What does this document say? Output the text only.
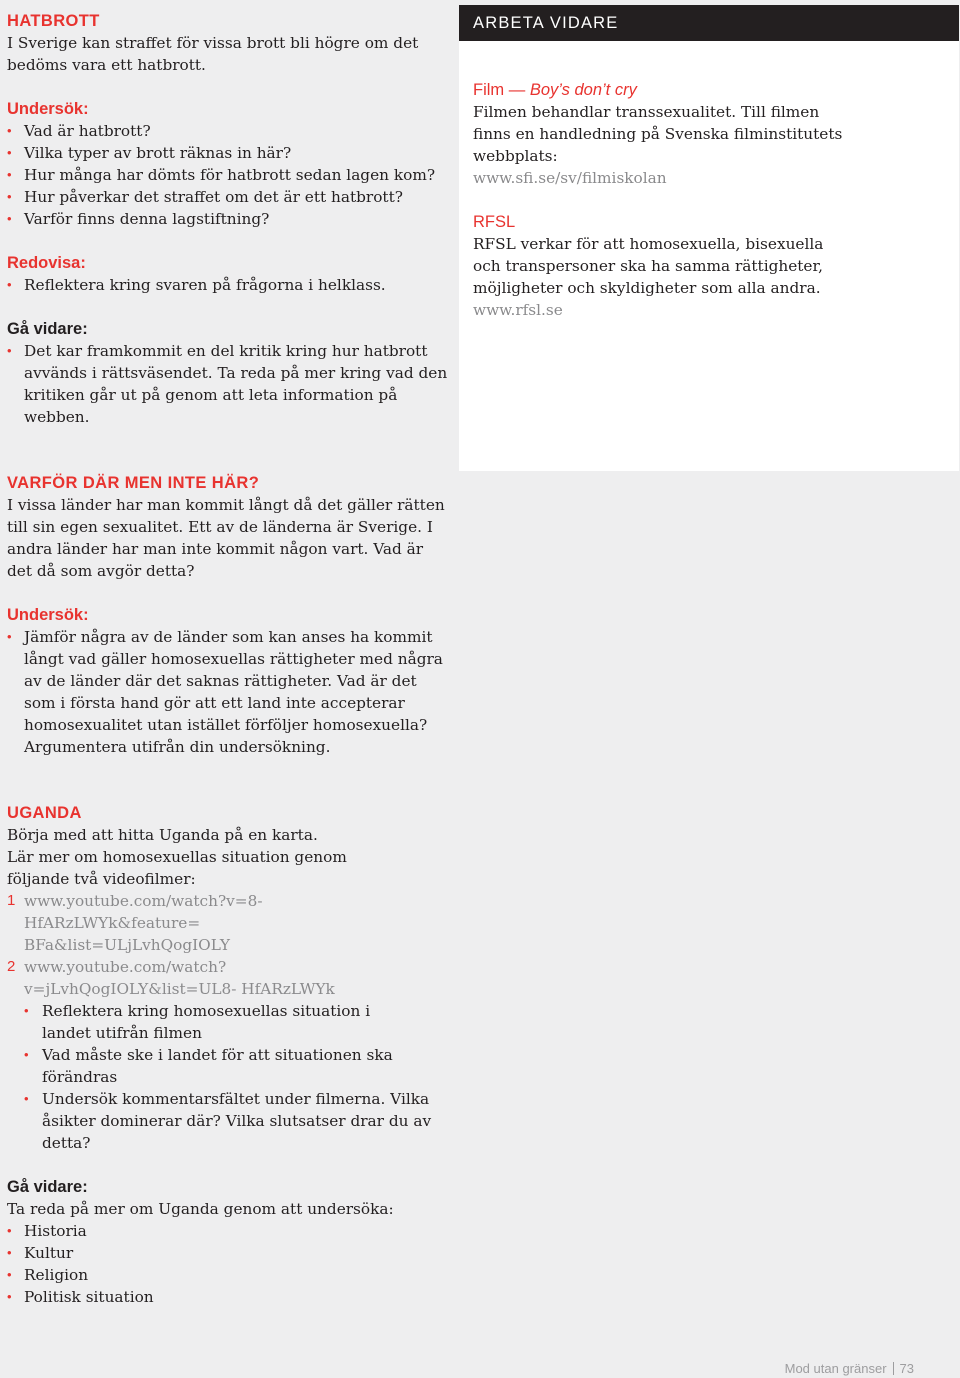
HATBROTT

I Sverige kan straffet för vissa brott bli högre om det bedöms vara ett hatbrott.

Undersök:
• Vad är hatbrott?
• Vilka typer av brott räknas in här?
• Hur många har dömts för hatbrott sedan lagen kom?
• Hur påverkar det straffet om det är ett hatbrott?
• Varför finns denna lagstiftning?
Redovisa:
• Reflektera kring svaren på frågorna i helklass.
Gå vidare:
• Det kar framkommit en del kritik kring hur hatbrott avvänds i rättsväsendet. Ta reda på mer kring vad den kritiken går ut på genom att leta information på webben.
VARFÖR DÄR MEN INTE HÄR?

I vissa länder har man kommit långt då det gäller rätten till sin egen sexualitet. Ett av de länderna är Sverige. I andra länder har man inte kommit någon vart. Vad är det då som avgör detta?

Undersök:
• Jämför några av de länder som kan anses ha kommit långt vad gäller homosexuellas rättigheter med några av de länder där det saknas rättigheter. Vad är det som i första hand gör att ett land inte accepterar homosexualitet utan istället förföljer homosexuella? Argumentera utifrån din undersökning.
UGANDA

Börja med att hitta Uganda på en karta.

Lär mer om homosexuellas situation genom följande två videofilmer:

1 www.youtube.com/watch?v=8-HfARzLWYk&feature= BFa&list=ULjLvhQogIOLY
2 www.youtube.com/watch?v=jLvhQogIOLY&list=UL8- HfARzLWYk
• Reflektera kring homosexuellas situation i landet utifrån filmen
• Vad måste ske i landet för att situationen ska förändras
• Undersök kommentarsfältet under filmerna. Vilka åsikter dominerar där? Vilka slutsatser drar du av detta?
Gå vidare:

Ta reda på mer om Uganda genom att undersöka:

• Historia
• Kultur
• Religion
• Politisk situation
ARBETA VIDARE
Film — Boy’s don’t cry

Filmen behandlar transsexualitet. Till filmen finns en handledning på Svenska filminstitutets webbplats:

www.sfi.se/sv/filmiskolan

RFSL

RFSL verkar för att homosexuella, bisexuella och transpersoner ska ha samma rättigheter, möjligheter och skyldigheter som alla andra.

www.rfsl.se

Mod utan gränser 73
